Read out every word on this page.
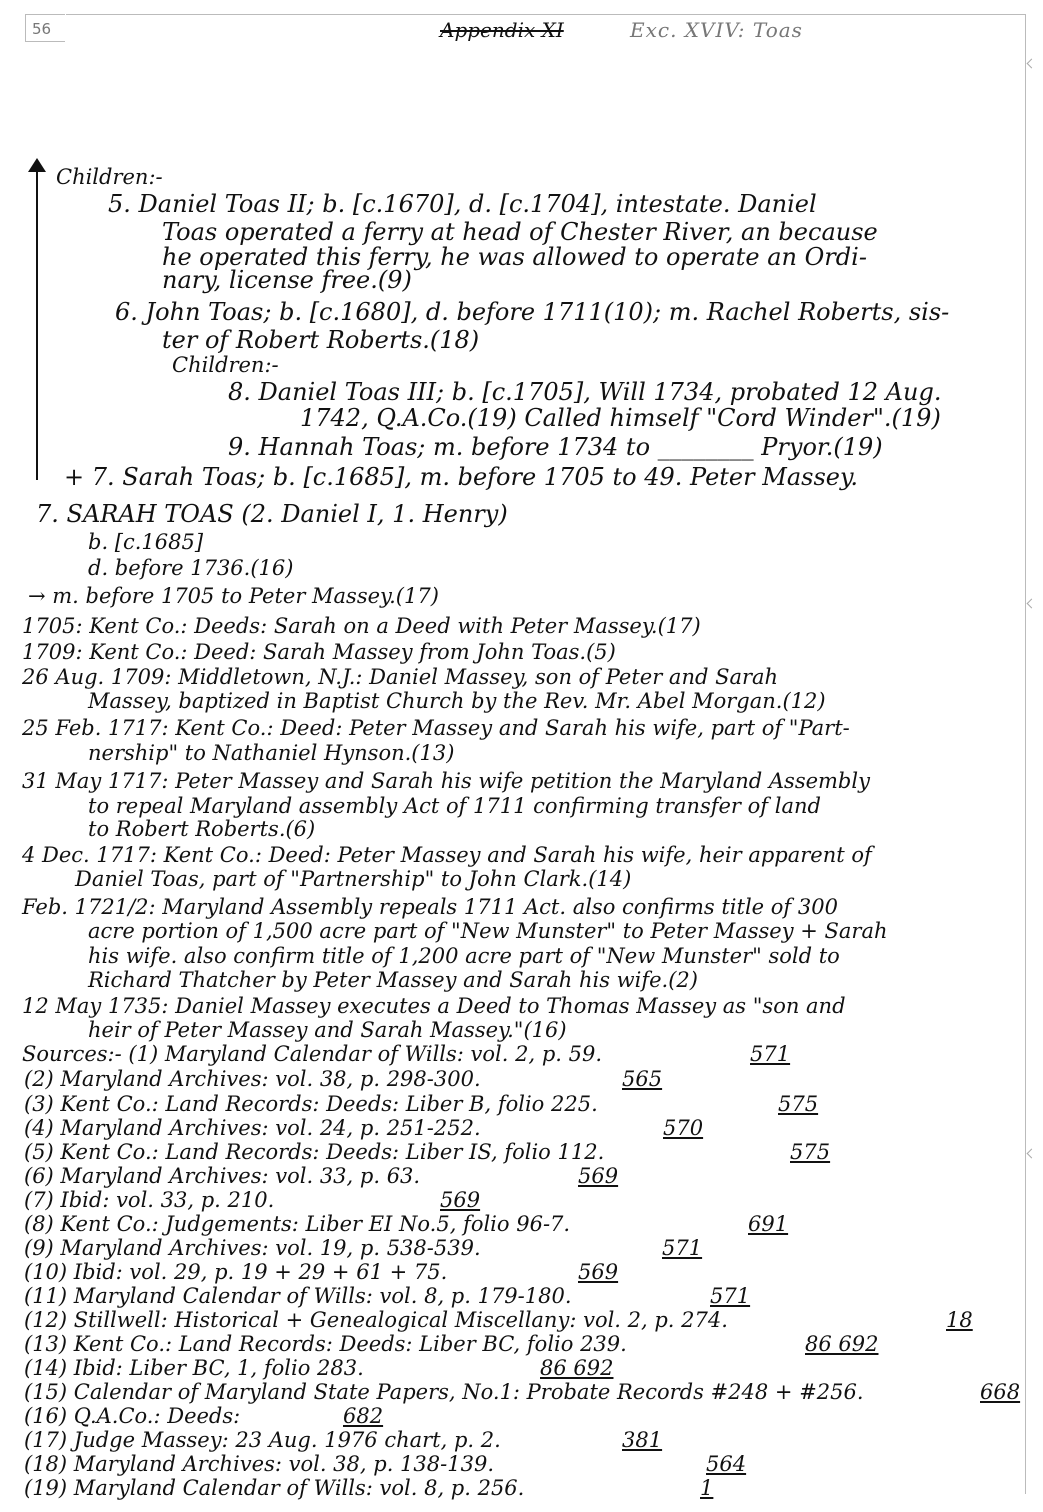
56	Appendix XI	Exc. XVIV: Toas
Children:-
5. Daniel Toas II; b. [c.1670], d. [c.1704], intestate. Daniel
Toas operated a ferry at head of Chester River, an because
he operated this ferry, he was allowed to operate an Ordi-
nary, license free.(9)
6. John Toas; b. [c.1680], d. before 1711(10); m. Rachel Roberts, sis-
ter of Robert Roberts.(18)
Children:-
8. Daniel Toas III; b. [c.1705], Will 1734, probated 12 Aug.
1742, Q.A.Co.(19) Called himself "Cord Winder".(19)
9. Hannah Toas; m. before 1734 to ________ Pryor.(19)
+ 7. Sarah Toas; b. [c.1685], m. before 1705 to 49. Peter Massey.
7. SARAH TOAS (2. Daniel I, 1. Henry)
b. [c.1685]
d. before 1736.(16)
→ m. before 1705 to Peter Massey.(17)
1705: Kent Co.: Deeds: Sarah on a Deed with Peter Massey.(17)
1709: Kent Co.: Deed: Sarah Massey from John Toas.(5)
26 Aug. 1709: Middletown, N.J.: Daniel Massey, son of Peter and Sarah
Massey, baptized in Baptist Church by the Rev. Mr. Abel Morgan.(12)
25 Feb. 1717: Kent Co.: Deed: Peter Massey and Sarah his wife, part of "Part-
nership" to Nathaniel Hynson.(13)
31 May 1717: Peter Massey and Sarah his wife petition the Maryland Assembly
to repeal Maryland assembly Act of 1711 confirming transfer of land
to Robert Roberts.(6)
4 Dec. 1717: Kent Co.: Deed: Peter Massey and Sarah his wife, heir apparent of
Daniel Toas, part of "Partnership" to John Clark.(14)
Feb. 1721/2: Maryland Assembly repeals 1711 Act. also confirms title of 300
acre portion of 1,500 acre part of "New Munster" to Peter Massey + Sarah
his wife. also confirm title of 1,200 acre part of "New Munster" sold to
Richard Thatcher by Peter Massey and Sarah his wife.(2)
12 May 1735: Daniel Massey executes a Deed to Thomas Massey as "son and
heir of Peter Massey and Sarah Massey."(16)
Sources:- (1) Maryland Calendar of Wills: vol. 2, p. 59.	571
(2) Maryland Archives: vol. 38, p. 298-300.	565
(3) Kent Co.: Land Records: Deeds: Liber B, folio 225.	575
(4) Maryland Archives: vol. 24, p. 251-252.	570
(5) Kent Co.: Land Records: Deeds: Liber IS, folio 112.	575
(6) Maryland Archives: vol. 33, p. 63.	569
(7) Ibid: vol. 33, p. 210.	569
(8) Kent Co.: Judgements: Liber EI No.5, folio 96-7.	691
(9) Maryland Archives: vol. 19, p. 538-539.	571
(10) Ibid: vol. 29, p. 19 + 29 + 61 + 75.	569
(11) Maryland Calendar of Wills: vol. 8, p. 179-180.	571
(12) Stillwell: Historical + Genealogical Miscellany: vol. 2, p. 274.	18
(13) Kent Co.: Land Records: Deeds: Liber BC, folio 239.	86 692
(14) Ibid: Liber BC, 1, folio 283.	86 692
(15) Calendar of Maryland State Papers, No.1: Probate Records #248 + #256.	668
(16) Q.A.Co.: Deeds:	682
(17) Judge Massey: 23 Aug. 1976 chart, p. 2.	381
(18) Maryland Archives: vol. 38, p. 138-139.	564
(19) Maryland Calendar of Wills: vol. 8, p. 256.	1
